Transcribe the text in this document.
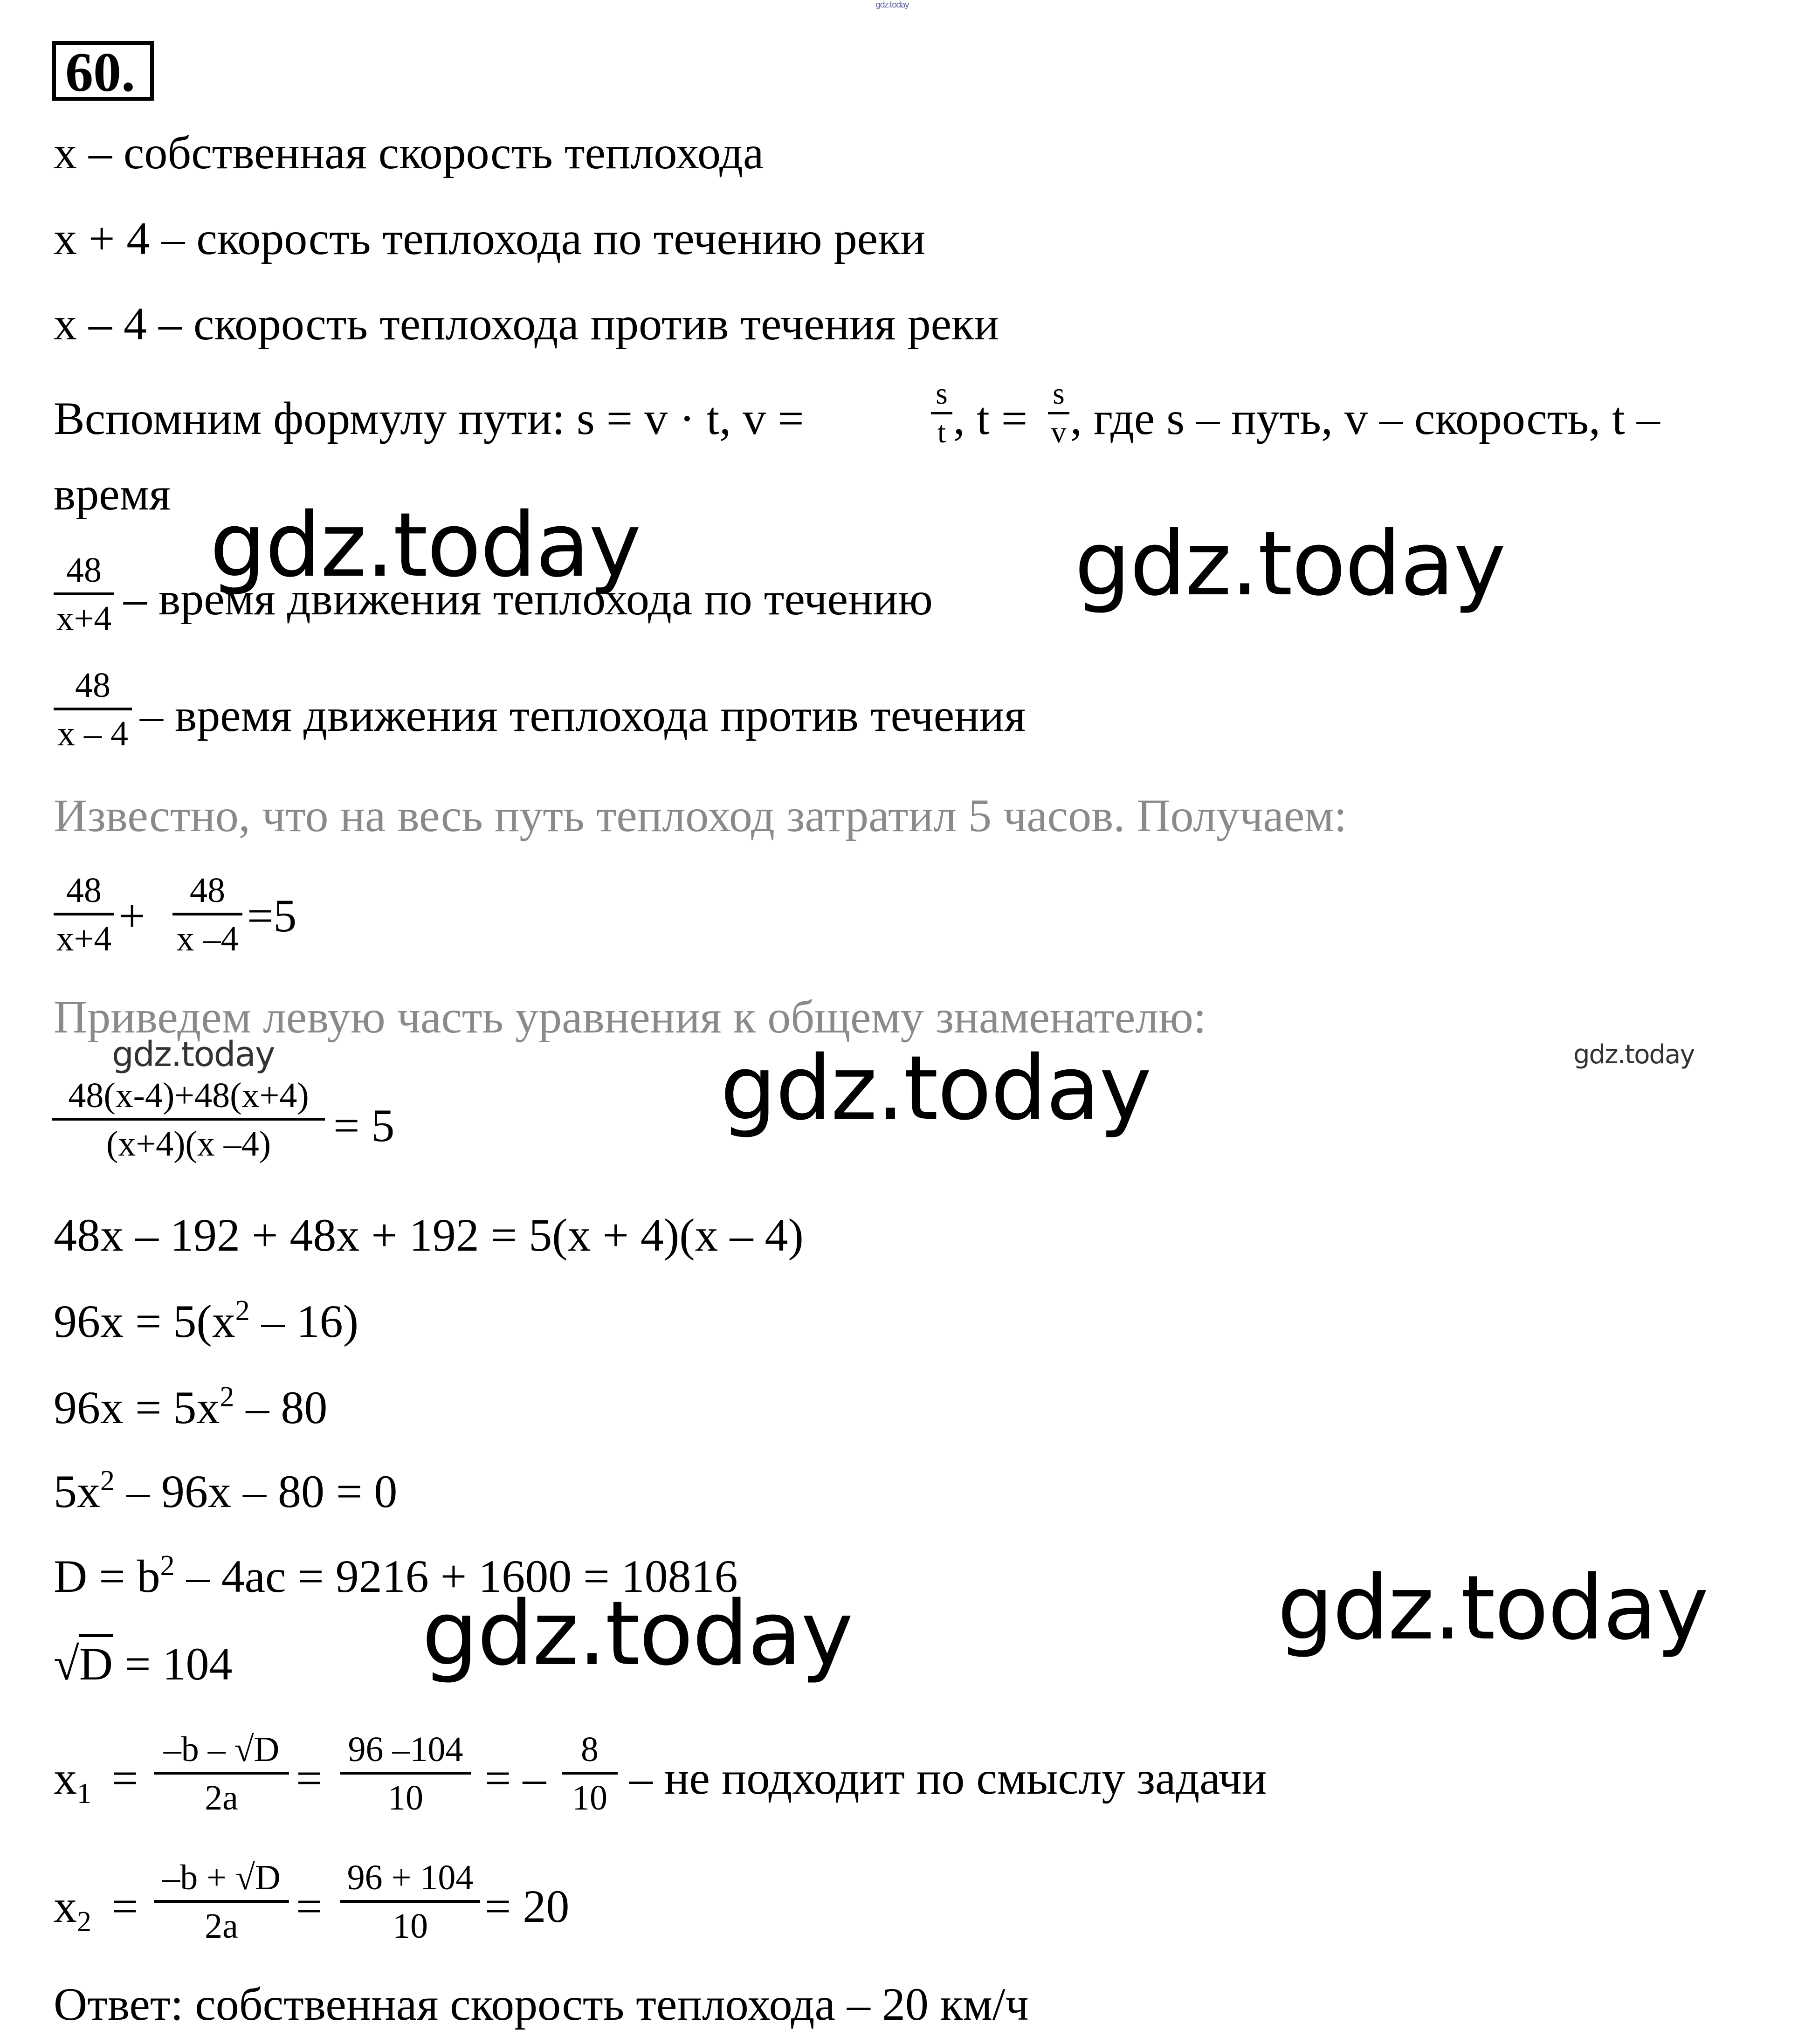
gdz.today
60.
x – собственная скорость теплохода
x + 4 – скорость теплохода по течению реки
x – 4 – скорость теплохода против течения реки
Вспомним формулу пути: s = v · t, v =	$\frac{s}{t}$ , $t = \frac{s}{v}$ , где s – путь, v – скорость, t –
время
$\frac{48}{x+4}$ – время движения теплохода по течению
$\frac{48}{x - 4}$ – время движения теплохода против течения
Известно, что на весь путь теплоход затратил 5 часов. Получаем:
$\frac{48}{x+4} + \frac{48}{x -4} =5$
Приведем левую часть уравнения к общему знаменателю:
$\frac{48(x-4)+48(x+4)}{(x+4)(x -4)} = 5$
48x – 192 + 48x + 192 = 5(x + 4)(x – 4)
$96x = 5(x^2 - 16)$
$96x = 5x^2 - 80$
$5x^2 - 96x - 80 = 0$
$D = b^2 - 4ac = 9216 + 1600 = 10816$
√D = 104
$x_1 = \frac{-b - √D}{2a} = \frac{96 -104}{10}$ = – $\frac{8}{10}$ – не подходит по смыслу задачи
$x_2 = \frac{-b + √D}{2a} = \frac{96 + 104}{10} = 20$
Ответ: собственная скорость теплохода – 20 км/ч
gdz.today	gdz.today
gdz.today	gdz.today	gdz.today
gdz.today	gdz.today
